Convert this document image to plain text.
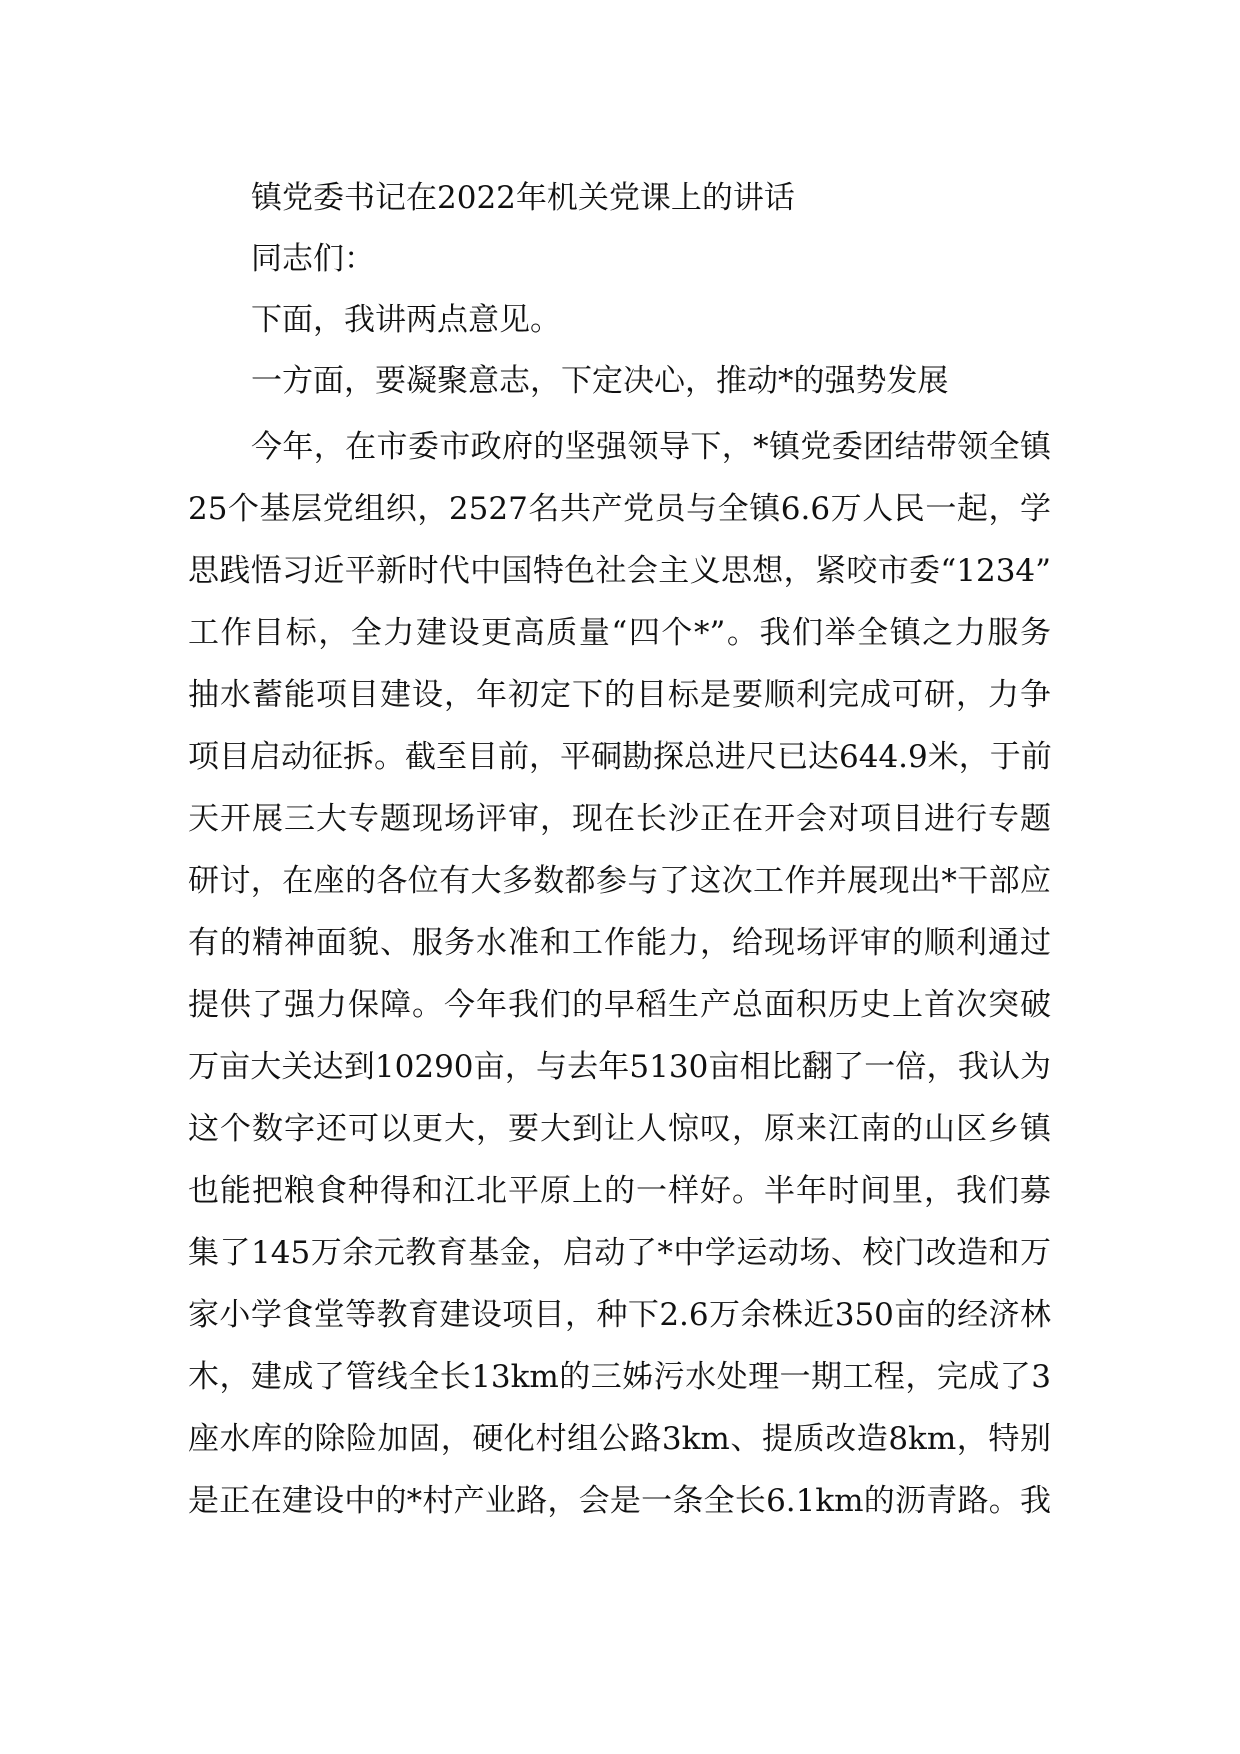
镇党委书记在2022年机关党课上的讲话
同志们：
下面，我讲两点意见。
一方面，要凝聚意志，下定决心，推动*的强势发展
今年，在市委市政府的坚强领导下，*镇党委团结带领全镇
25个基层党组织，2527名共产党员与全镇6.6万人民一起，学
思践悟习近平新时代中国特色社会主义思想，紧咬市委“1234”
工作目标，全力建设更高质量“四个*”。我们举全镇之力服务
抽水蓄能项目建设，年初定下的目标是要顺利完成可研，力争
项目启动征拆。截至目前，平硐勘探总进尺已达644.9米，于前
天开展三大专题现场评审，现在长沙正在开会对项目进行专题
研讨，在座的各位有大多数都参与了这次工作并展现出*干部应
有的精神面貌、服务水准和工作能力，给现场评审的顺利通过
提供了强力保障。今年我们的早稻生产总面积历史上首次突破
万亩大关达到10290亩，与去年5130亩相比翻了一倍，我认为
这个数字还可以更大，要大到让人惊叹，原来江南的山区乡镇
也能把粮食种得和江北平原上的一样好。半年时间里，我们募
集了145万余元教育基金，启动了*中学运动场、校门改造和万
家小学食堂等教育建设项目，种下2.6万余株近350亩的经济林
木，建成了管线全长13km的三姊污水处理一期工程，完成了3
座水库的除险加固，硬化村组公路3km、提质改造8km，特别
是正在建设中的*村产业路，会是一条全长6.1km的沥青路。我
